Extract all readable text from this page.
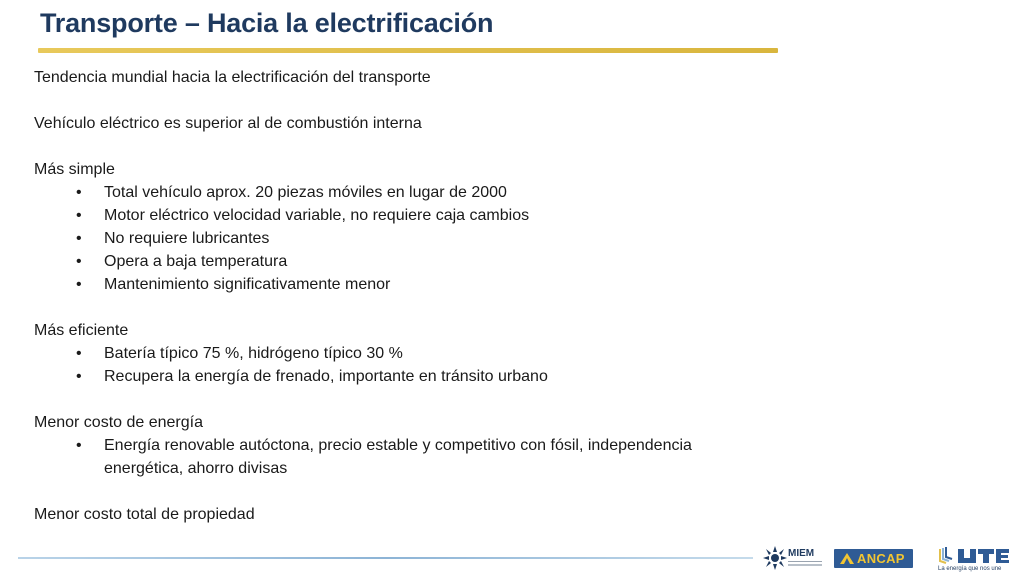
Transporte – Hacia la electrificación

Tendencia mundial hacia la electrificación del transporte

Vehículo eléctrico es superior al de combustión interna

Más simple

• Total vehículo aprox. 20 piezas móviles en lugar de 2000
• Motor eléctrico velocidad variable, no requiere caja cambios
• No requiere lubricantes
• Opera a baja temperatura
• Mantenimiento significativamente menor

Más eficiente

• Batería típico 75 %, hidrógeno típico 30 %
• Recupera la energía de frenado, importante en tránsito urbano

Menor costo de energía

• Energía renovable autóctona, precio estable y competitivo con fósil, independencia energética, ahorro divisas

Menor costo total de propiedad

MIEM	ANCAP
La energía que nos une
